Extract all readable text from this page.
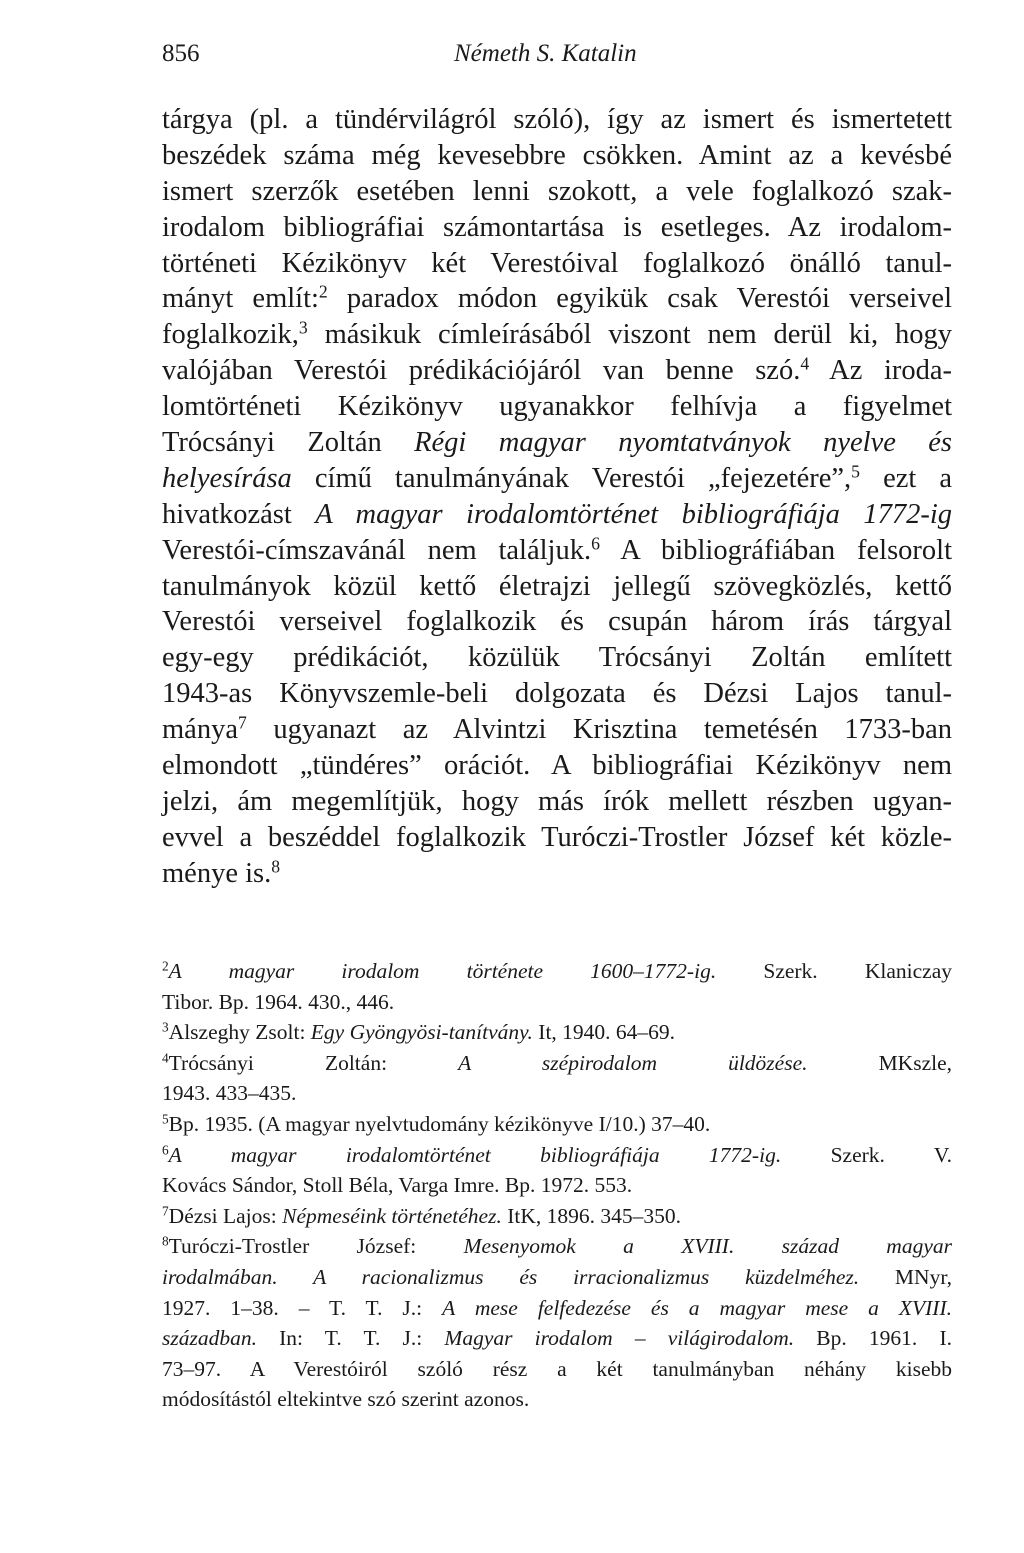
856	Németh S. Katalin
tárgya (pl. a tündérvilágról szóló), így az ismert és ismertetett
beszédek száma még kevesebbre csökken. Amint az a kevésbé
ismert szerzők esetében lenni szokott, a vele foglalkozó szak-
irodalom bibliográfiai számontartása is esetleges. Az irodalom-
történeti Kézikönyv két Verestóival foglalkozó önálló tanul-
mányt említ:$^2$ paradox módon egyikük csak Verestói verseivel
foglalkozik,$^3$ másikuk címleírásából viszont nem derül ki, hogy
valójában Verestói prédikációjáról van benne szó.$^4$ Az iroda-
lomtörténeti Kézikönyv ugyanakkor felhívja a figyelmet
Trócsányi Zoltán Régi magyar nyomtatványok nyelve és
helyesírása című tanulmányának Verestói „fejezetére”,$^5$ ezt a
hivatkozást A magyar irodalomtörténet bibliográfiája 1772-ig
Verestói-címszavánál nem találjuk.$^6$ A bibliográfiában felsorolt
tanulmányok közül kettő életrajzi jellegű szövegközlés, kettő
Verestói verseivel foglalkozik és csupán három írás tárgyal
egy-egy prédikációt, közülük Trócsányi Zoltán említett
1943-as Könyvszemle-beli dolgozata és Dézsi Lajos tanul-
mánya$^7$ ugyanazt az Alvintzi Krisztina temetésén 1733-ban
elmondott „tündéres” orációt. A bibliográfiai Kézikönyv nem
jelzi, ám megemlítjük, hogy más írók mellett részben ugyan-
evvel a beszéddel foglalkozik Turóczi-Trostler József két közle-
ménye is.$^8$
$^2$A magyar irodalom története 1600–1772-ig. Szerk. Klaniczay
Tibor. Bp. 1964. 430., 446.
$^3$Alszeghy Zsolt: Egy Gyöngyösi-tanítvány. It, 1940. 64–69.
$^4$Trócsányi Zoltán: A szépirodalom üldözése. MKszle,
1943. 433–435.
$^5$Bp. 1935. (A magyar nyelvtudomány kézikönyve I/10.) 37–40.
$^6$A magyar irodalomtörténet bibliográfiája 1772-ig. Szerk. V.
Kovács Sándor, Stoll Béla, Varga Imre. Bp. 1972. 553.
$^7$Dézsi Lajos: Népmeséink történetéhez. ItK, 1896. 345–350.
$^8$Turóczi-Trostler József: Mesenyomok a XVIII. század magyar
irodalmában. A racionalizmus és irracionalizmus küzdelméhez. MNyr,
1927. 1–38. – T. T. J.: A mese felfedezése és a magyar mese a XVIII.
században. In: T. T. J.: Magyar irodalom – világirodalom. Bp. 1961. I.
73–97. A Verestóiról szóló rész a két tanulmányban néhány kisebb
módosítástól eltekintve szó szerint azonos.
